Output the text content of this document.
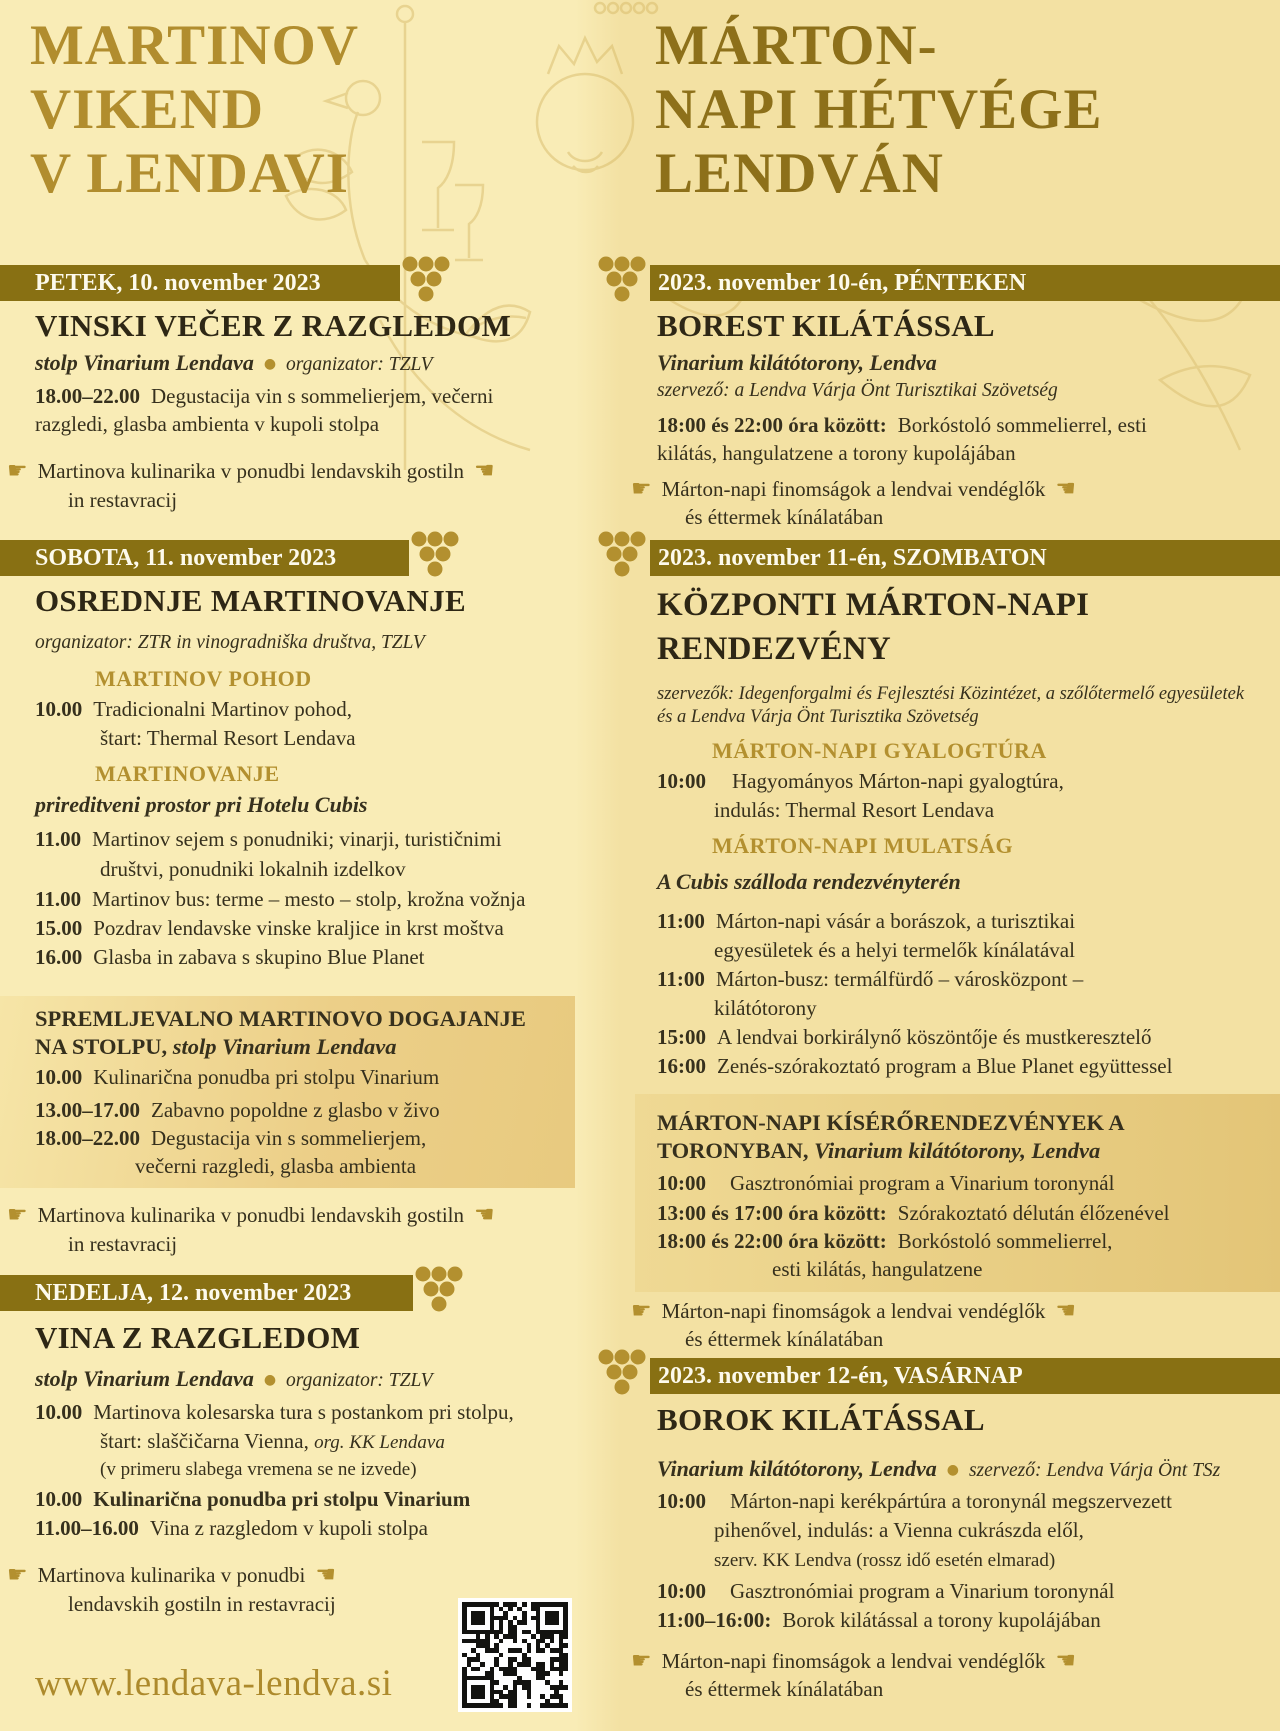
MARTINOV
VIKEND
V LENDAVI
PETEK, 10. november 2023
VINSKI VEČER Z RAZGLEDOM
stolp Vinarium Lendava ● organizator: TZLV
18.00–22.00 Degustacija vin s sommelierjem, večerni
razgledi, glasba ambienta v kupoli stolpa
☛ Martinova kulinarika v ponudbi lendavskih gostiln ☚
in restavracij
SOBOTA, 11. november 2023
OSREDNJE MARTINOVANJE
organizator: ZTR in vinogradniška društva, TZLV
MARTINOV POHOD
10.00 Tradicionalni Martinov pohod,
štart: Thermal Resort Lendava
MARTINOVANJE
prireditveni prostor pri Hotelu Cubis
11.00 Martinov sejem s ponudniki; vinarji, turističnimi
društvi, ponudniki lokalnih izdelkov
11.00 Martinov bus: terme – mesto – stolp, krožna vožnja
15.00 Pozdrav lendavske vinske kraljice in krst moštva
16.00 Glasba in zabava s skupino Blue Planet
SPREMLJEVALNO MARTINOVO DOGAJANJE
NA STOLPU, stolp Vinarium Lendava
10.00 Kulinarična ponudba pri stolpu Vinarium
13.00–17.00 Zabavno popoldne z glasbo v živo
18.00–22.00 Degustacija vin s sommelierjem,
večerni razgledi, glasba ambienta
☛ Martinova kulinarika v ponudbi lendavskih gostiln ☚
in restavracij
NEDELJA, 12. november 2023
VINA Z RAZGLEDOM
stolp Vinarium Lendava ● organizator: TZLV
10.00 Martinova kolesarska tura s postankom pri stolpu,
štart: slaščičarna Vienna, org. KK Lendava
(v primeru slabega vremena se ne izvede)
10.00 Kulinarična ponudba pri stolpu Vinarium
11.00–16.00 Vina z razgledom v kupoli stolpa
☛ Martinova kulinarika v ponudbi ☚
lendavskih gostiln in restavracij
www.lendava-lendva.si
MÁRTON-
NAPI HÉTVÉGE
LENDVÁN
2023. november 10-én, PÉNTEKEN
BOREST KILÁTÁSSAL
Vinarium kilátótorony, Lendva
szervező: a Lendva Várja Önt Turisztikai Szövetség
18:00 és 22:00 óra között: Borkóstoló sommelierrel, esti
kilátás, hangulatzene a torony kupolájában
☛ Márton-napi finomságok a lendvai vendéglők ☚
és éttermek kínálatában
2023. november 11-én, SZOMBATON
KÖZPONTI MÁRTON-NAPI
RENDEZVÉNY
szervezők: Idegenforgalmi és Fejlesztési Közintézet, a szőlőtermelő egyesületek
és a Lendva Várja Önt Turisztika Szövetség
MÁRTON-NAPI GYALOGTÚRA
10:00 Hagyományos Márton-napi gyalogtúra,
indulás: Thermal Resort Lendava
MÁRTON-NAPI MULATSÁG
A Cubis szálloda rendezvényterén
11:00 Márton-napi vásár a borászok, a turisztikai
egyesületek és a helyi termelők kínálatával
11:00 Márton-busz: termálfürdő – városközpont –
kilátótorony
15:00 A lendvai borkirálynő köszöntője és mustkeresztelő
16:00 Zenés-szórakoztató program a Blue Planet együttessel
MÁRTON-NAPI KÍSÉRŐRENDEZVÉNYEK A
TORONYBAN, Vinarium kilátótorony, Lendva
10:00 Gasztronómiai program a Vinarium toronynál
13:00 és 17:00 óra között: Szórakoztató délután élőzenével
18:00 és 22:00 óra között: Borkóstoló sommelierrel,
esti kilátás, hangulatzene
☛ Márton-napi finomságok a lendvai vendéglők ☚
és éttermek kínálatában
2023. november 12-én, VASÁRNAP
BOROK KILÁTÁSSAL
Vinarium kilátótorony, Lendva ● szervező: Lendva Várja Önt TSz
10:00 Márton-napi kerékpártúra a toronynál megszervezett
pihenővel, indulás: a Vienna cukrászda elől,
szerv. KK Lendva (rossz idő esetén elmarad)
10:00 Gasztronómiai program a Vinarium toronynál
11:00–16:00: Borok kilátással a torony kupolájában
☛ Márton-napi finomságok a lendvai vendéglők ☚
és éttermek kínálatában
